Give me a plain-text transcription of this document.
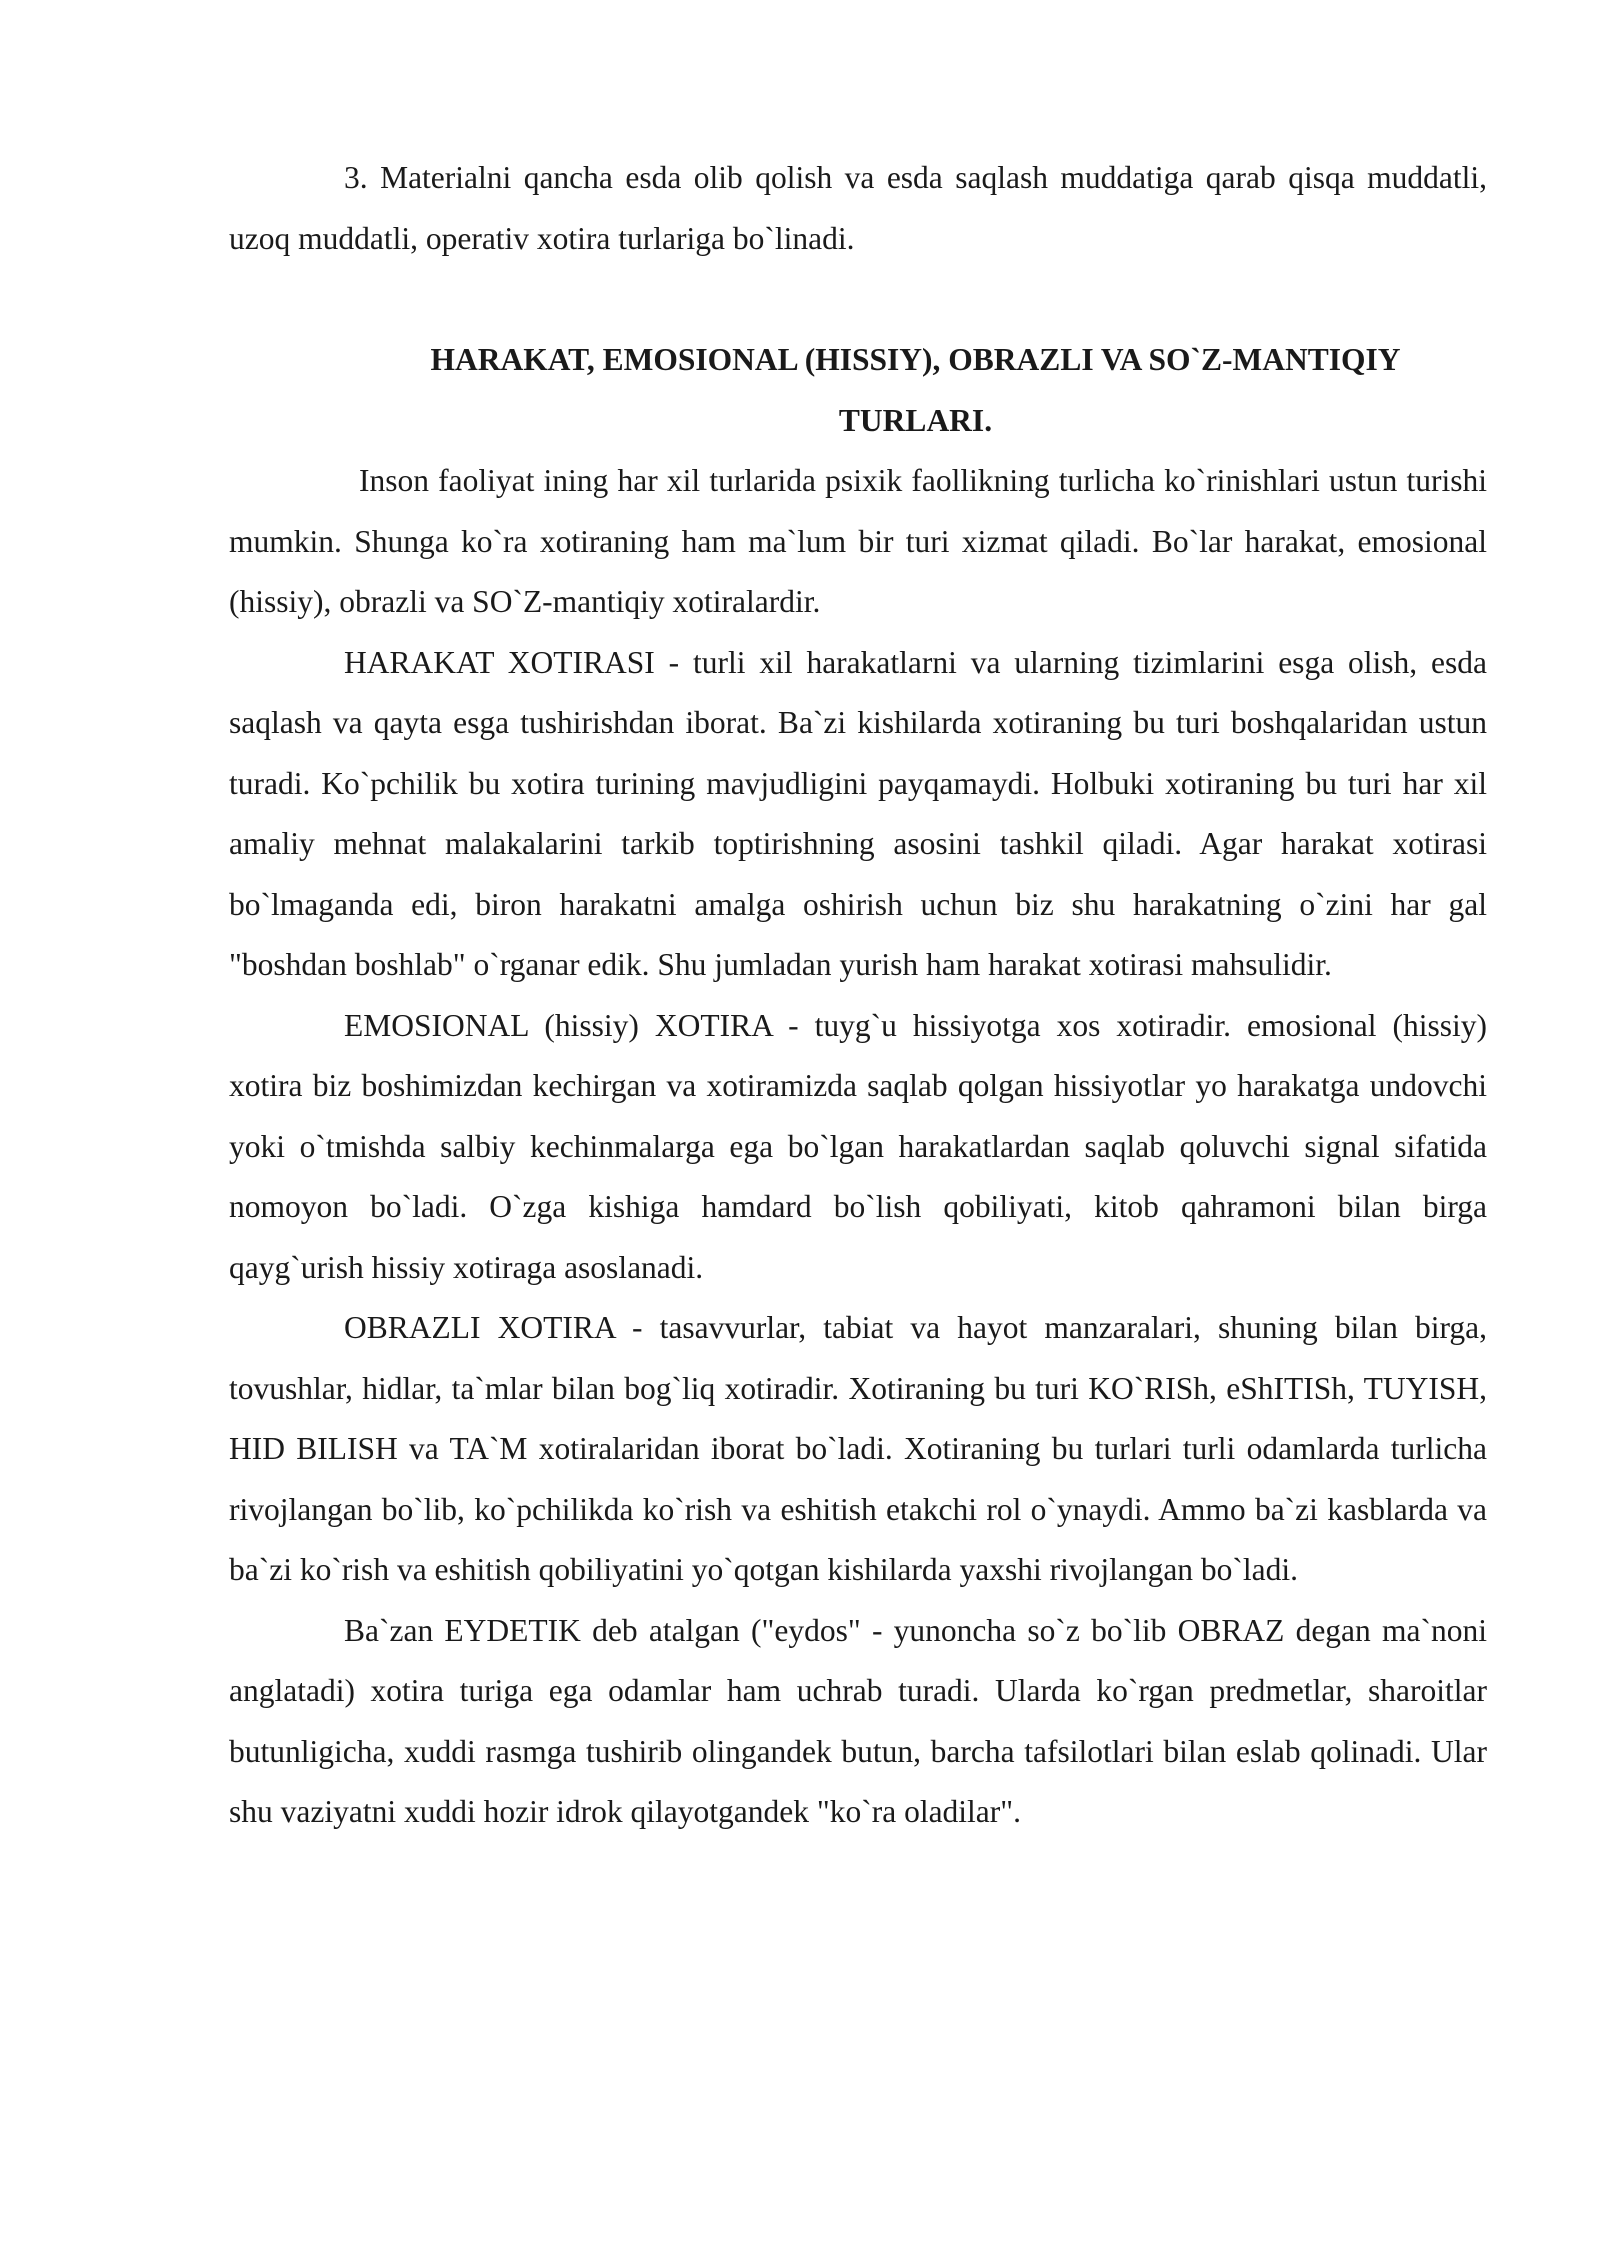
3. Materialni qancha esda olib qolish va esda saqlash muddatiga qarab qisqa muddatli, uzoq muddatli, operativ xotira turlariga bo`linadi.

HARAKAT, EMOSIONAL (HISSIY), OBRAZLI VA SO`Z-MANTIQIY
TURLARI.

Inson faoliyat ining har xil turlarida psixik faollikning turlicha ko`rinishlari ustun turishi mumkin. Shunga ko`ra xotiraning ham ma`lum bir turi xizmat qiladi. Bo`lar harakat, emosional (hissiy), obrazli va SO`Z-mantiqiy xotiralardir.

HARAKAT XOTIRASI - turli xil harakatlarni va ularning tizimlarini esga olish, esda saqlash va qayta esga tushirishdan iborat. Ba`zi kishilarda xotiraning bu turi boshqalaridan ustun turadi. Ko`pchilik bu xotira turining mavjudligini payqamaydi. Holbuki xotiraning bu turi har xil amaliy mehnat malakalarini tarkib toptirishning asosini tashkil qiladi. Agar harakat xotirasi bo`lmaganda edi, biron harakatni amalga oshirish uchun biz shu harakatning o`zini har gal "boshdan boshlab" o`rganar edik. Shu jumladan yurish ham harakat xotirasi mahsulidir.

EMOSIONAL (hissiy) XOTIRA - tuyg`u hissiyotga xos xotiradir. emosional (hissiy) xotira biz boshimizdan kechirgan va xotiramizda saqlab qolgan hissiyotlar yo harakatga undovchi yoki o`tmishda salbiy kechinmalarga ega bo`lgan harakatlardan saqlab qoluvchi signal sifatida nomoyon bo`ladi. O`zga kishiga hamdard bo`lish qobiliyati, kitob qahramoni bilan birga qayg`urish hissiy xotiraga asoslanadi.

OBRAZLI XOTIRA - tasavvurlar, tabiat va hayot manzaralari, shuning bilan birga, tovushlar, hidlar, ta`mlar bilan bog`liq xotiradir. Xotiraning bu turi KO`RISh, eShITISh, TUYISH, HID BILISH va TA`M xotiralaridan iborat bo`ladi. Xotiraning bu turlari turli odamlarda turlicha rivojlangan bo`lib, ko`pchilikda ko`rish va eshitish etakchi rol o`ynaydi. Ammo ba`zi kasblarda va ba`zi ko`rish va eshitish qobiliyatini yo`qotgan kishilarda yaxshi rivojlangan bo`ladi.

Ba`zan EYDETIK deb atalgan ("eydos" - yunoncha so`z bo`lib OBRAZ degan ma`noni anglatadi) xotira turiga ega odamlar ham uchrab turadi. Ularda ko`rgan predmetlar, sharoitlar butunligicha, xuddi rasmga tushirib olingandek butun, barcha tafsilotlari bilan eslab qolinadi. Ular shu vaziyatni xuddi hozir idrok qilayotgandek "ko`ra oladilar".
